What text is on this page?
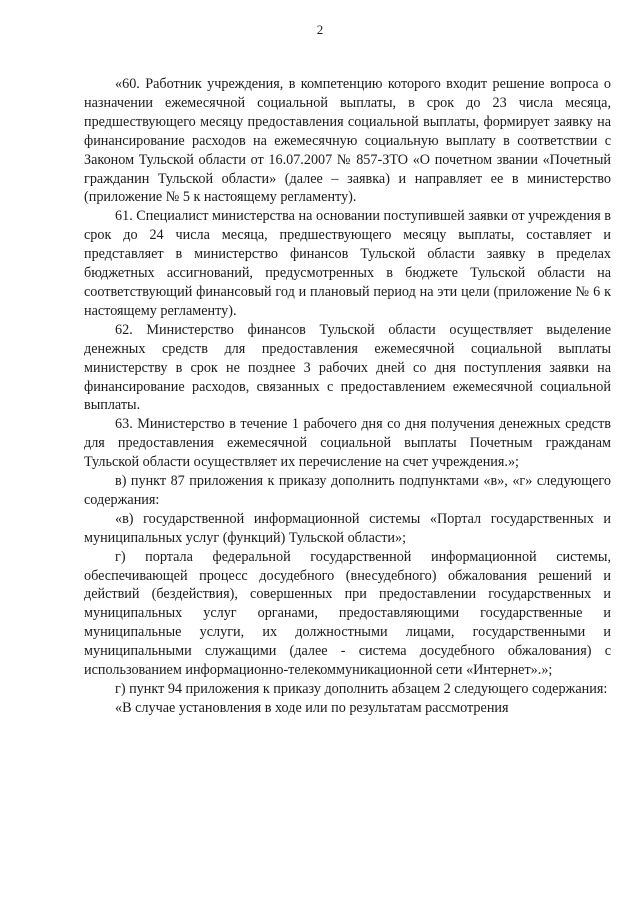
2

«60. Работник учреждения, в компетенцию которого входит решение вопроса о назначении ежемесячной социальной выплаты, в срок до 23 числа месяца, предшествующего месяцу предоставления социальной выплаты, формирует заявку на финансирование расходов на ежемесячную социальную выплату в соответствии с Законом Тульской области от 16.07.2007 № 857-ЗТО «О почетном звании «Почетный гражданин Тульской области» (далее – заявка) и направляет ее в министерство (приложение № 5 к настоящему регламенту).

61. Специалист министерства на основании поступившей заявки от учреждения в срок до 24 числа месяца, предшествующего месяцу выплаты, составляет и представляет в министерство финансов Тульской области заявку в пределах бюджетных ассигнований, предусмотренных в бюджете Тульской области на соответствующий финансовый год и плановый период на эти цели (приложение № 6 к настоящему регламенту).

62. Министерство финансов Тульской области осуществляет выделение денежных средств для предоставления ежемесячной социальной выплаты министерству в срок не позднее 3 рабочих дней со дня поступления заявки на финансирование расходов, связанных с предоставлением ежемесячной социальной выплаты.

63. Министерство в течение 1 рабочего дня со дня получения денежных средств для предоставления ежемесячной социальной выплаты Почетным гражданам Тульской области осуществляет их перечисление на счет учреждения.»;

в) пункт 87 приложения к приказу дополнить подпунктами «в», «г» следующего содержания:

«в) государственной информационной системы «Портал государственных и муниципальных услуг (функций) Тульской области»;

г) портала федеральной государственной информационной системы, обеспечивающей процесс досудебного (внесудебного) обжалования решений и действий (бездействия), совершенных при предоставлении государственных и муниципальных услуг органами, предоставляющими государственные и муниципальные услуги, их должностными лицами, государственными и муниципальными служащими (далее - система досудебного обжалования) с использованием информационно-телекоммуникационной сети «Интернет».»;

г) пункт 94 приложения к приказу дополнить абзацем 2 следующего содержания:

«В случае установления в ходе или по результатам рассмотрения
